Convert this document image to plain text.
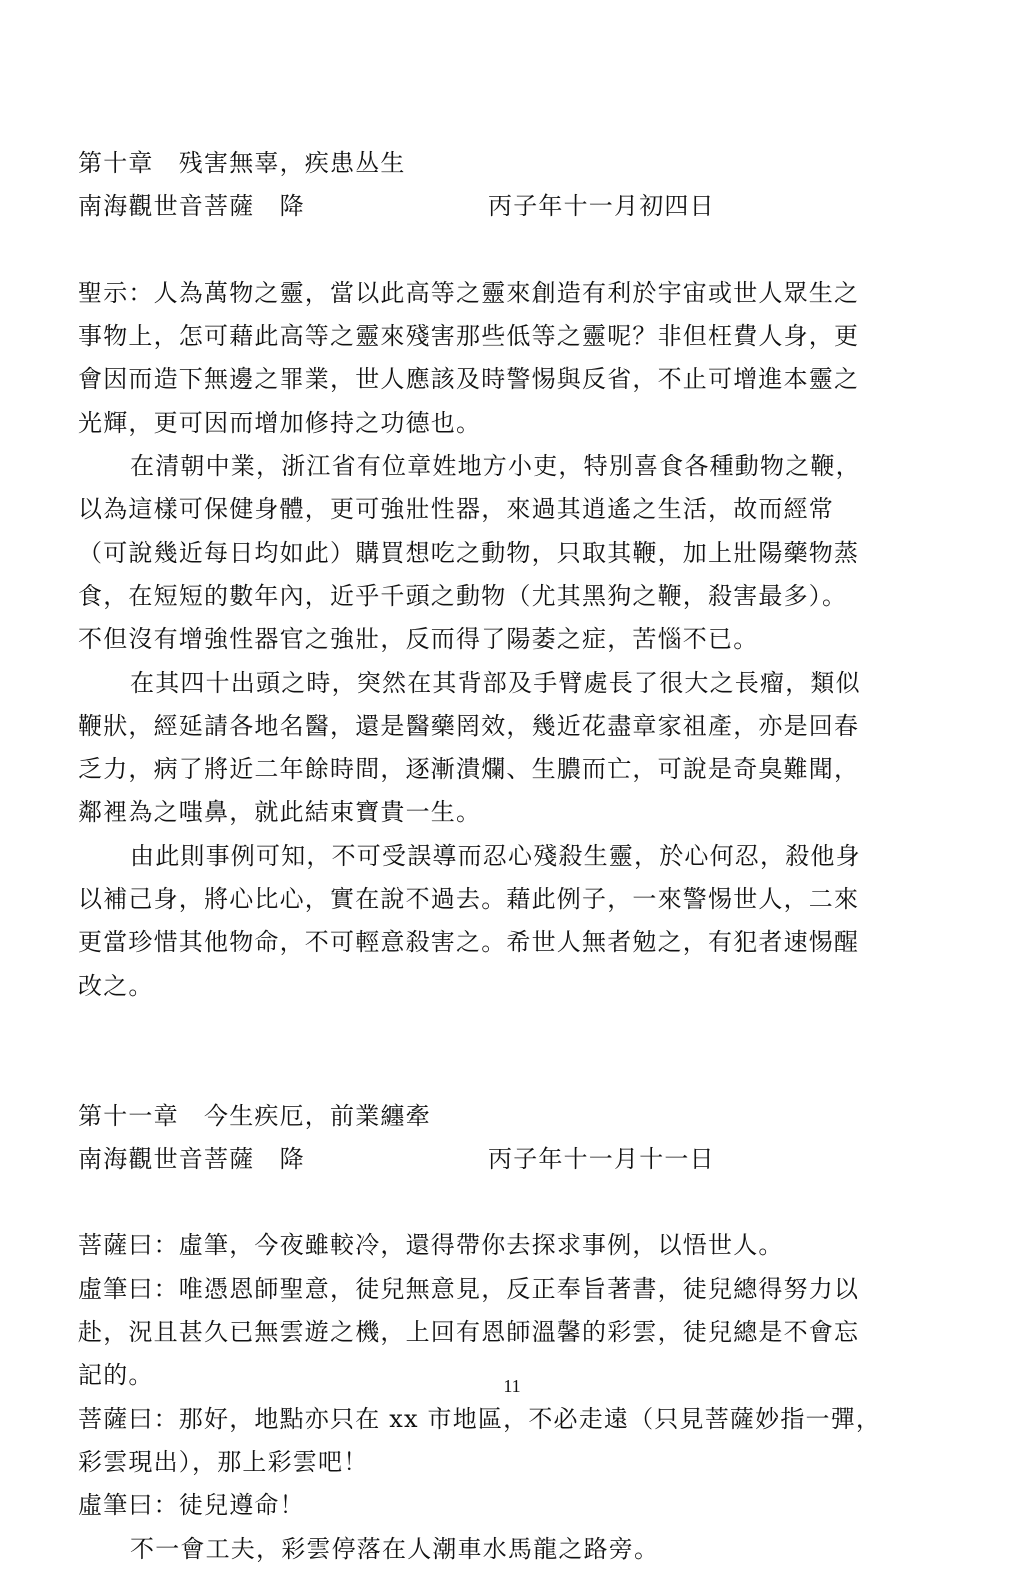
第十章　残害無辜，疾患丛生
南海觀世音菩薩　降	丙子年十一月初四日
聖示：人為萬物之靈，當以此高等之靈來創造有利於宇宙或世人眾生之
事物上，怎可藉此高等之靈來殘害那些低等之靈呢？非但枉費人身，更
會因而造下無邊之罪業，世人應該及時警惕與反省，不止可增進本靈之
光輝，更可因而增加修持之功德也。
在清朝中業，浙江省有位章姓地方小吏，特別喜食各種動物之鞭，
以為這樣可保健身體，更可強壯性器，來過其逍遙之生活，故而經常
（可說幾近每日均如此）購買想吃之動物，只取其鞭，加上壯陽藥物蒸
食，在短短的數年內，近乎千頭之動物（尤其黑狗之鞭，殺害最多）。
不但沒有增強性器官之強壯，反而得了陽萎之症，苦惱不已。
在其四十出頭之時，突然在其背部及手臂處長了很大之長瘤，類似
鞭狀，經延請各地名醫，還是醫藥罔效，幾近花盡章家祖產，亦是回春
乏力，病了將近二年餘時間，逐漸潰爛、生膿而亡，可說是奇臭難聞，
鄰裡為之嗤鼻，就此結束寶貴一生。
由此則事例可知，不可受誤導而忍心殘殺生靈，於心何忍，殺他身
以補己身，將心比心，實在說不過去。藉此例子，一來警惕世人，二來
更當珍惜其他物命，不可輕意殺害之。希世人無者勉之，有犯者速惕醒
改之。
第十一章　今生疾厄，前業纏牽
南海觀世音菩薩　降	丙子年十一月十一日
菩薩曰：虛筆，今夜雖較冷，還得帶你去探求事例，以悟世人。
虛筆曰：唯憑恩師聖意，徒兒無意見，反正奉旨著書，徒兒總得努力以
赴，況且甚久已無雲遊之機，上回有恩師溫馨的彩雲，徒兒總是不會忘
記的。
菩薩曰：那好，地點亦只在 xx 市地區，不必走遠（只見菩薩妙指一彈，
彩雲現出），那上彩雲吧！
虛筆曰：徒兒遵命！
不一會工夫，彩雲停落在人潮車水馬龍之路旁。
11
